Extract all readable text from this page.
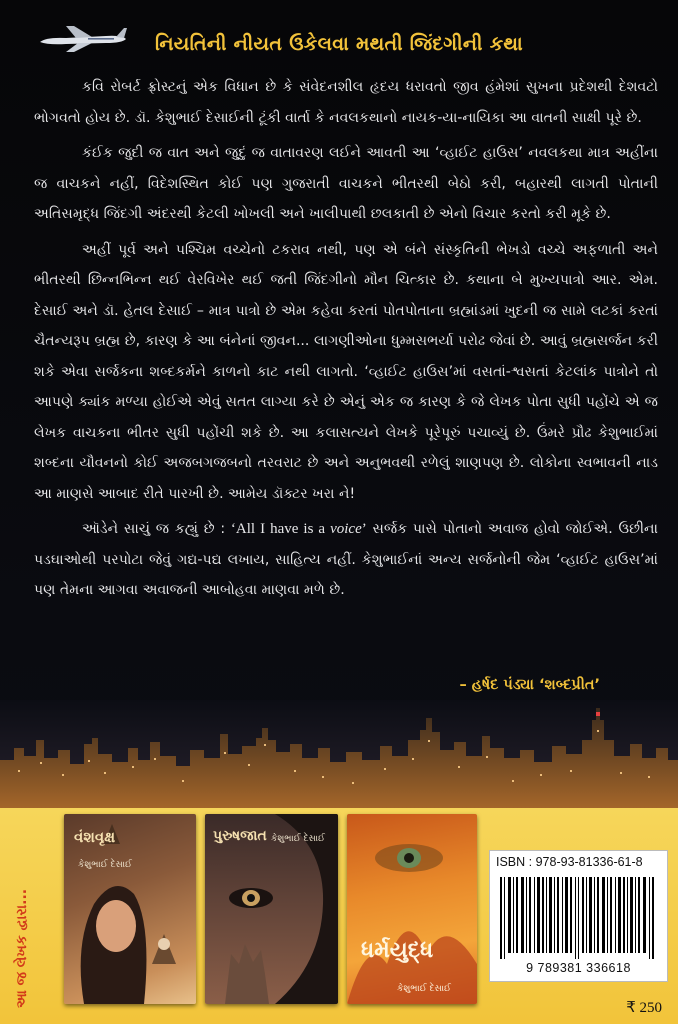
નિયતિની નીયત ઉકેલવા મથતી જિંદગીની કથા

કવિ રોબર્ટ ફ્રોસ્ટનું એક વિધાન છે કે સંવેદનશીલ હૃદય ધરાવતો જીવ હંમેશાં સુખના પ્રદેશથી દેશવટો ભોગવતો હોય છે. ડૉ. કેશુભાઈ દેસાઈની ટૂંકી વાર્તા કે નવલકથાનો નાયક-યા-નાયિકા આ વાતની સાક્ષી પૂરે છે.

કંઈક જુદી જ વાત અને જુદું જ વાતાવરણ લઈને આવતી આ ‘વ્હાઈટ હાઉસ’ નવલકથા માત્ર અહીંના જ વાચકને નહીં, વિદેશસ્થિત કોઈ પણ ગુજરાતી વાચકને ભીતરથી બેઠો કરી, બહારથી લાગતી પોતાની અતિસમૃદ્ધ જિંદગી અંદરથી કેટલી ખોખલી અને ખાલીપાથી છલકાતી છે એનો વિચાર કરતો કરી મૂકે છે.

અહીં પૂર્વ અને પશ્ચિમ વચ્ચેનો ટકરાવ નથી, પણ એ બંને સંસ્કૃતિની ભેખડો વચ્ચે અફળાતી અને ભીતરથી છિન્નભિન્ન થઈ વેરવિખેર થઈ જતી જિંદગીનો મૌન ચિત્કાર છે. કથાના બે મુખ્યપાત્રો આર. એમ. દેસાઈ અને ડૉ. હેતલ દેસાઈ – માત્ર પાત્રો છે એમ કહેવા કરતાં પોતપોતાના બ્રહ્માંડમાં ખુદની જ સામે લટકાં કરતાં ચૈતન્યરૂપ બ્રહ્મ છે, કારણ કે આ બંનેનાં જીવન... લાગણીઓના ધુમ્મસભર્યા પરોઢ જેવાં છે. આવું બ્રહ્મસર્જન કરી શકે એવા સર્જકના શબ્દકર્મને કાળનો કાટ નથી લાગતો. ‘વ્હાઈટ હાઉસ’માં વસતાં-શ્વસતાં કેટલાંક પાત્રોને તો આપણે ક્યાંક મળ્યા હોઈએ એવું સતત લાગ્યા કરે છે એનું એક જ કારણ કે જે લેખક પોતા સુધી પહોંચે એ જ લેખક વાચકના ભીતર સુધી પહોંચી શકે છે. આ કલાસત્યને લેખકે પૂરેપૂરું પચાવ્યું છે. ઉંમરે પ્રૌઢ કેશુભાઈમાં શબ્દના યૌવનનો કોઈ અજબગજબનો તરવરાટ છે અને અનુભવથી રળેલું શાણપણ છે. લોકોના સ્વભાવની નાડ આ માણસે આબાદ રીતે પારખી છે. આમેય ડૉક્ટર ખરા ને!

ઑડેને સાચું જ કહ્યું છે : ‘All I have is a voice’ સર્જક પાસે પોતાનો અવાજ હોવો જોઈએ. ઉછીના પડઘાઓથી પરપોટા જેવું ગદ્ય-પદ્ય લખાય, સાહિત્ય નહીં. કેશુભાઈનાં અન્ય સર્જનોની જેમ ‘વ્હાઈટ હાઉસ’માં પણ તેમના આગવા અવાજની આબોહવા માણવા મળે છે.

– હર્ષદ પંડ્યા ‘શબ્દપ્રીત’
આ જ લેખક દ્વારા...
વંશવૃક્ષ
કેશુભાઈ દેસાઈ
પુરુષજાત કેશુભાઈ દેસાઈ
ધર્મયુદ્ધ
કેશુભાઈ દેસાઈ
ISBN : 978-93-81336-61-8
9 789381 336618
₹ 250
